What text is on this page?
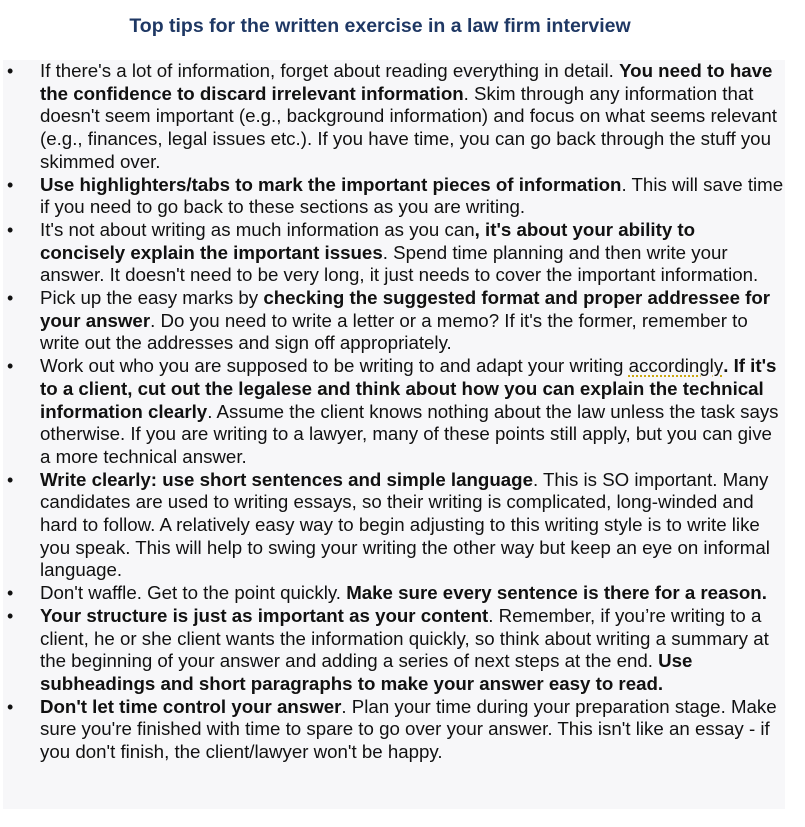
Top tips for the written exercise in a law firm interview
•	If there's a lot of information, forget about reading everything in detail. You need to have the confidence to discard irrelevant information. Skim through any information that doesn't seem important (e.g., background information) and focus on what seems relevant (e.g., finances, legal issues etc.). If you have time, you can go back through the stuff you skimmed over.
•	Use highlighters/tabs to mark the important pieces of information. This will save time if you need to go back to these sections as you are writing.
•	It's not about writing as much information as you can, it's about your ability to concisely explain the important issues. Spend time planning and then write your answer. It doesn't need to be very long, it just needs to cover the important information.
•	Pick up the easy marks by checking the suggested format and proper addressee for your answer. Do you need to write a letter or a memo? If it's the former, remember to write out the addresses and sign off appropriately.
•	Work out who you are supposed to be writing to and adapt your writing accordingly. If it's to a client, cut out the legalese and think about how you can explain the technical information clearly. Assume the client knows nothing about the law unless the task says otherwise. If you are writing to a lawyer, many of these points still apply, but you can give a more technical answer.
•	Write clearly: use short sentences and simple language. This is SO important. Many candidates are used to writing essays, so their writing is complicated, long-winded and hard to follow. A relatively easy way to begin adjusting to this writing style is to write like you speak. This will help to swing your writing the other way but keep an eye on informal language.
•	Don't waffle. Get to the point quickly. Make sure every sentence is there for a reason.
•	Your structure is just as important as your content. Remember, if you’re writing to a client, he or she client wants the information quickly, so think about writing a summary at the beginning of your answer and adding a series of next steps at the end. Use subheadings and short paragraphs to make your answer easy to read.
•	Don't let time control your answer. Plan your time during your preparation stage. Make sure you're finished with time to spare to go over your answer. This isn't like an essay - if you don't finish, the client/lawyer won't be happy.
